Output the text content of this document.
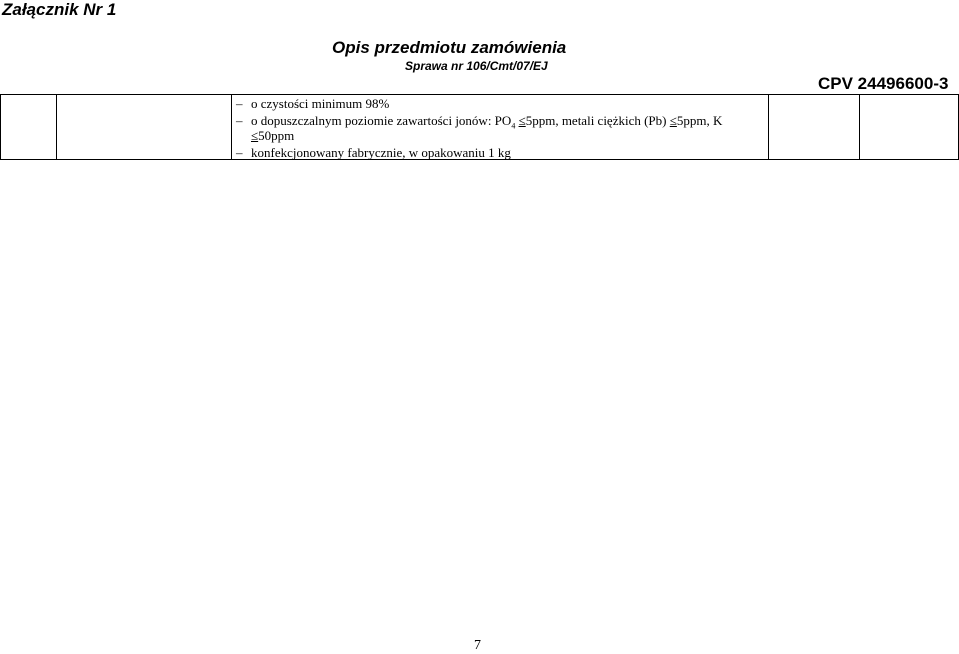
Załącznik Nr 1
Opis przedmiotu zamówienia
Sprawa nr 106/Cmt/07/EJ
CPV 24496600-3
– o czystości minimum 98%
– o dopuszczalnym poziomie zawartości jonów: $PO_4 \le 5ppm$, metali ciężkich (Pb) ≤5ppm, K
≤50ppm
– konfekcjonowany fabrycznie, w opakowaniu 1 kg
7
